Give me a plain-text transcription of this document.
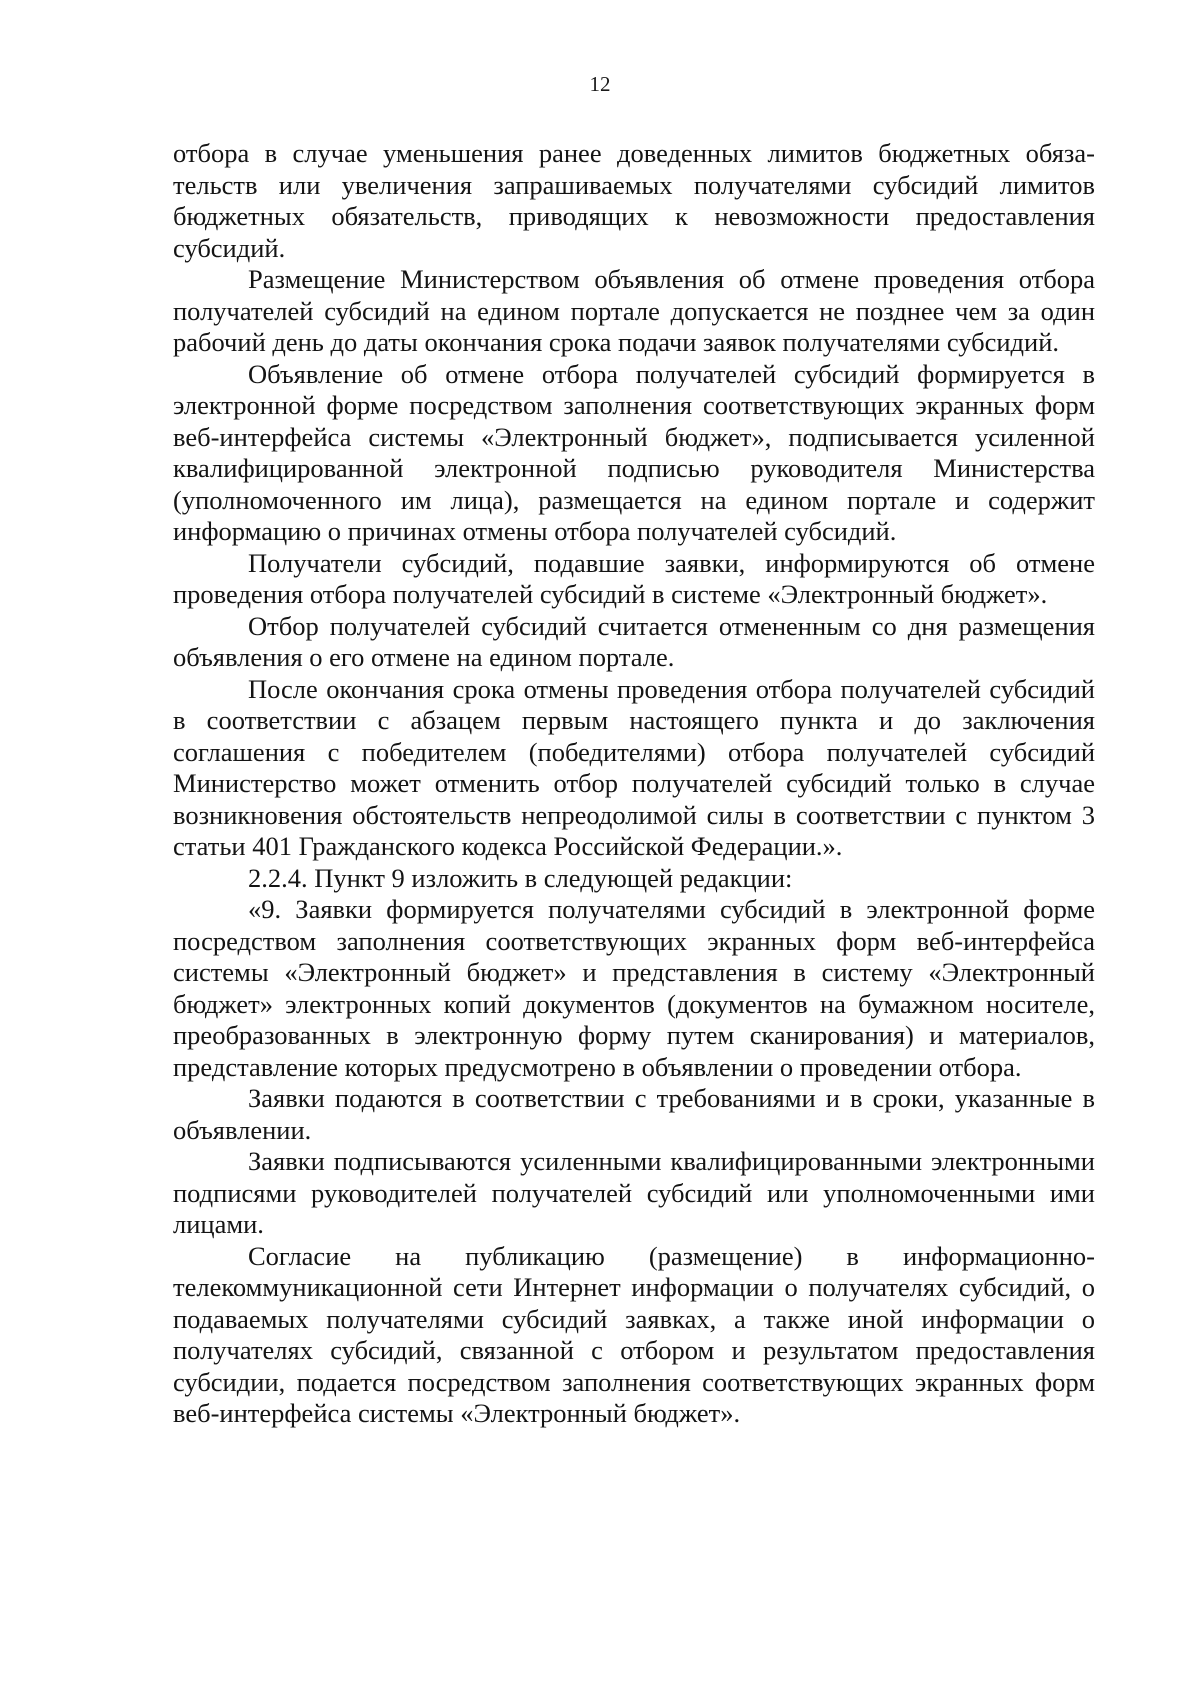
12

отбора в случае уменьшения ранее доведенных лимитов бюджетных обязательств или увеличения запрашиваемых получателями субсидий лимитов бюджетных обязательств, приводящих к невозможности предоставления субсидий.

Размещение Министерством объявления об отмене проведения отбора получателей субсидий на едином портале допускается не позднее чем за один рабочий день до даты окончания срока подачи заявок получателями субсидий.

Объявление об отмене отбора получателей субсидий формируется в электронной форме посредством заполнения соответствующих экранных форм веб-интерфейса системы «Электронный бюджет», подписывается усиленной квалифицированной электронной подписью руководителя Министерства (уполномоченного им лица), размещается на едином портале и содержит информацию о причинах отмены отбора получателей субсидий.

Получатели субсидий, подавшие заявки, информируются об отмене проведения отбора получателей субсидий в системе «Электронный бюджет».

Отбор получателей субсидий считается отмененным со дня размещения объявления о его отмене на едином портале.

После окончания срока отмены проведения отбора получателей субсидий в соответствии с абзацем первым настоящего пункта и до заключения соглашения с победителем (победителями) отбора получателей субсидий Министерство может отменить отбор получателей субсидий только в случае возникновения обстоятельств непреодолимой силы в соответствии с пунктом 3 статьи 401 Гражданского кодекса Российской Федерации.».

2.2.4. Пункт 9 изложить в следующей редакции:

«9. Заявки формируется получателями субсидий в электронной форме посредством заполнения соответствующих экранных форм веб-интерфейса системы «Электронный бюджет» и представления в систему «Электронный бюджет» электронных копий документов (документов на бумажном носителе, преобразованных в электронную форму путем сканирования) и материалов, представление которых предусмотрено в объявлении о проведении отбора.

Заявки подаются в соответствии с требованиями и в сроки, указанные в объявлении.

Заявки подписываются усиленными квалифицированными электронными подписями руководителей получателей субсидий или уполномоченными ими лицами.

Согласие на публикацию (размещение) в информационно-телекоммуникационной сети Интернет информации о получателях субсидий, о подаваемых получателями субсидий заявках, а также иной информации о получателях субсидий, связанной с отбором и результатом предоставления субсидии, подается посредством заполнения соответствующих экранных форм веб-интерфейса системы «Электронный бюджет».
